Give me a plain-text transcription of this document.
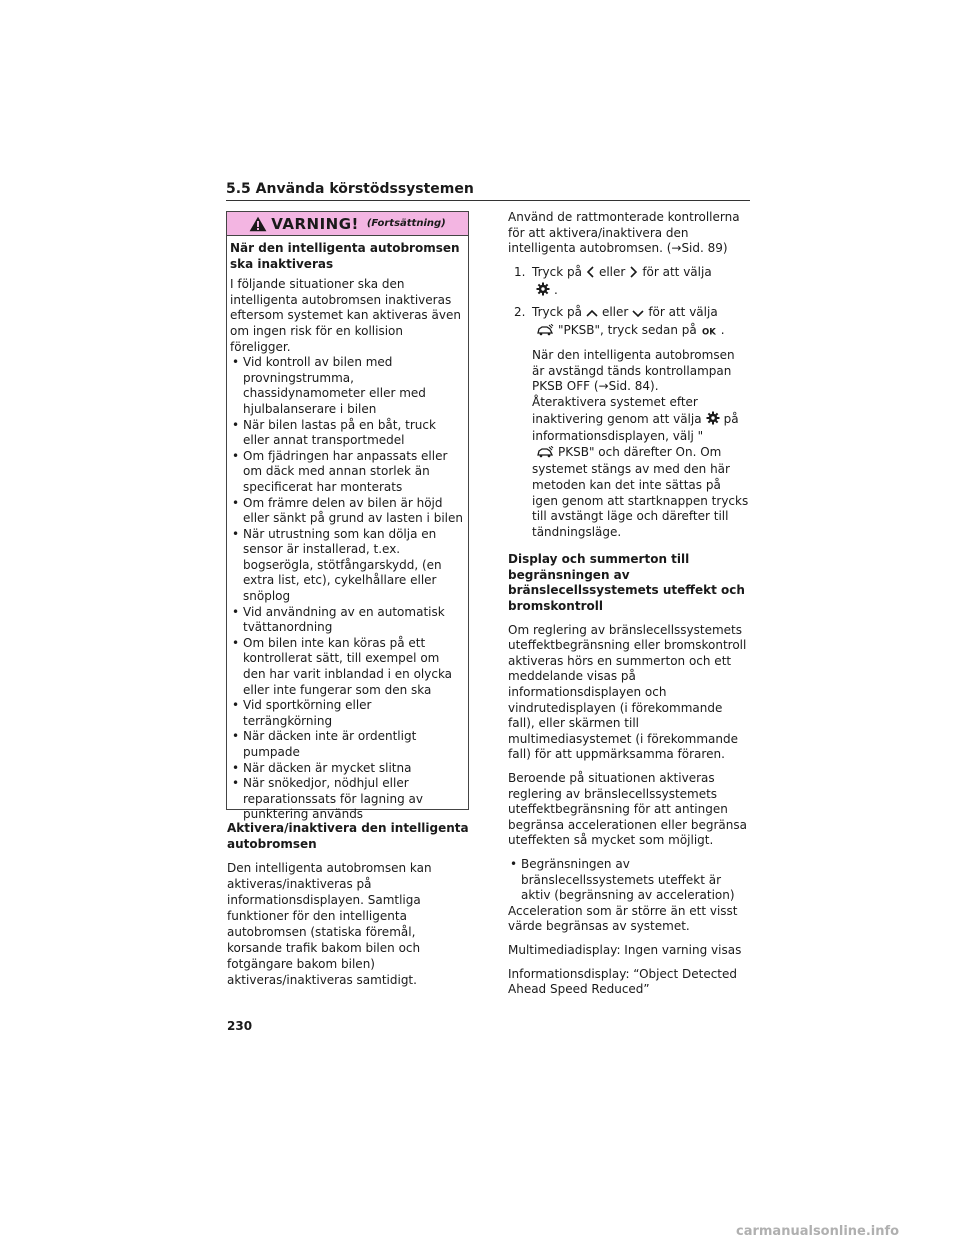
5.5 Använda körstödssystemen
VARNING! (Fortsättning)

När den intelligenta autobromsen ska inaktiveras

I följande situationer ska den intelligenta autobromsen inaktiveras eftersom systemet kan aktiveras även om ingen risk för en kollision föreligger.

• Vid kontroll av bilen med provningstrumma, chassidynamometer eller med hjulbalanserare i bilen
• När bilen lastas på en båt, truck eller annat transportmedel
• Om fjädringen har anpassats eller om däck med annan storlek än specificerat har monterats
• Om främre delen av bilen är höjd eller sänkt på grund av lasten i bilen
• När utrustning som kan dölja en sensor är installerad, t.ex. bogserögla, stötfångarskydd, (en extra list, etc), cykelhållare eller snöplog
• Vid användning av en automatisk tvättanordning
• Om bilen inte kan köras på ett kontrollerat sätt, till exempel om den har varit inblandad i en olycka eller inte fungerar som den ska
• Vid sportkörning eller terrängkörning
• När däcken inte är ordentligt pumpade
• När däcken är mycket slitna
• När snökedjor, nödhjul eller reparationssats för lagning av punktering används

Aktivera/inaktivera den intelligenta autobromsen

Den intelligenta autobromsen kan aktiveras/inaktiveras på informationsdisplayen. Samtliga funktioner för den intelligenta autobromsen (statiska föremål, korsande trafik bakom bilen och fotgängare bakom bilen) aktiveras/inaktiveras samtidigt.

Använd de rattmonterade kontrollerna för att aktivera/inaktivera den intelligenta autobromsen. (→Sid. 89)

1. Tryck på eller för att välja
.
2. Tryck på eller för att välja
"PKSB", tryck sedan på OK .

När den intelligenta autobromsen är avstängd tänds kontrollampan PKSB OFF (→Sid. 84).

Återaktivera systemet efter inaktivering genom att välja på informationsdisplayen, välj "
PKSB" och därefter On. Om systemet stängs av med den här metoden kan det inte sättas på igen genom att startknappen trycks till avstängt läge och därefter till tändningsläge.

Display och summerton till begränsningen av bränslecellssystemets uteffekt och bromskontroll

Om reglering av bränslecellssystemets uteffektbegränsning eller bromskontroll aktiveras hörs en summerton och ett meddelande visas på informationsdisplayen och vindrutedisplayen (i förekommande fall), eller skärmen till multimediasystemet (i förekommande fall) för att uppmärksamma föraren.

Beroende på situationen aktiveras reglering av bränslecellssystemets uteffektbegränsning för att antingen begränsa accelerationen eller begränsa uteffekten så mycket som möjligt.

• Begränsningen av bränslecellssystemets uteffekt är aktiv (begränsning av acceleration)

Acceleration som är större än ett visst värde begränsas av systemet.

Multimediadisplay: Ingen varning visas

Informationsdisplay: “Object Detected Ahead Speed Reduced”

230
carmanualsonline.info
